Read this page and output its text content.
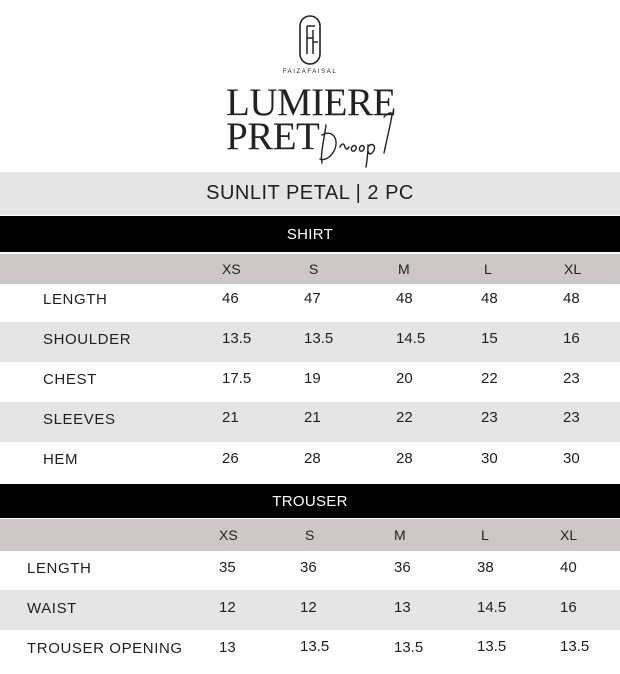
FAIZAFAISAL
LUMIERE
PRET
SUNLIT PETAL | 2 PC
SHIRT
XS	S	M	L	XL
LENGTH	46	47	48	48	48
SHOULDER	13.5	13.5	14.5	15	16
CHEST	17.5	19	20	22	23
SLEEVES	21	21	22	23	23
HEM	26	28	28	30	30
TROUSER
XS	S	M	L	XL
LENGTH	35	36	36	38	40
WAIST	12	12	13	14.5	16
TROUSER OPENING 13	13.5	13.5	13.5	13.5
